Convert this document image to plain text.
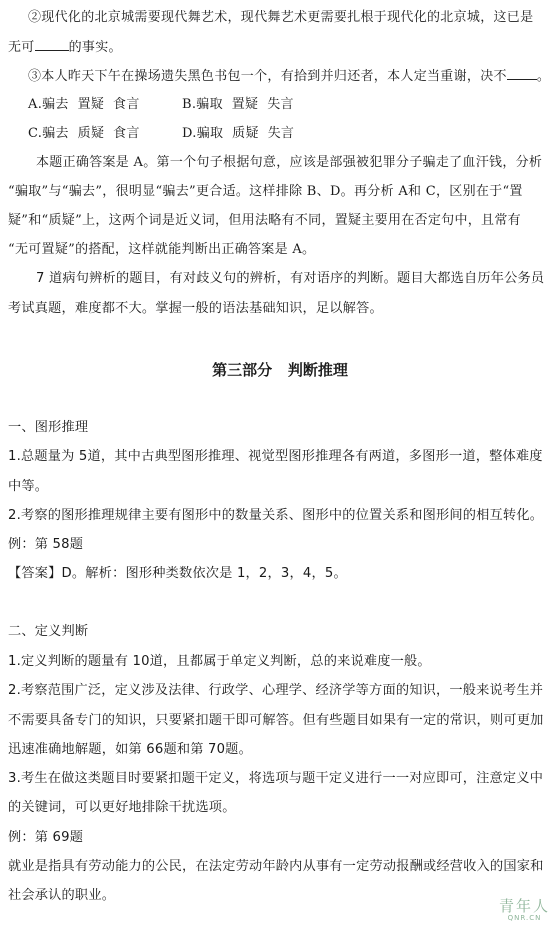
②现代化的北京城需要现代舞艺术，现代舞艺术更需要扎根于现代化的北京城，这已是
无可	的事实。
③本人昨天下午在操场遗失黑色书包一个，有拾到并归还者，本人定当重谢，决不 。
A.骗去  置疑  食言	B.骗取  置疑  失言
C.骗去  质疑  食言	D.骗取  质疑  失言
本题正确答案是 A。第一个句子根据句意，应该是部强被犯罪分子骗走了血汗钱，分析
“骗取”与“骗去”，很明显“骗去”更合适。这样排除 B、D。再分析 A和 C，区别在于“置
疑”和“质疑”上，这两个词是近义词，但用法略有不同，置疑主要用在否定句中，且常有
“无可置疑”的搭配，这样就能判断出正确答案是 A。
7 道病句辨析的题目，有对歧义句的辨析，有对语序的判断。题目大都选自历年公务员
考试真题，难度都不大。掌握一般的语法基础知识，足以解答。
第三部分   判断推理
一、图形推理
1.总题量为 5道，其中古典型图形推理、视觉型图形推理各有两道，多图形一道，整体难度
中等。
2.考察的图形推理规律主要有图形中的数量关系、图形中的位置关系和图形间的相互转化。
例：第 58题
【答案】D。解析：图形种类数依次是 1，2，3，4，5。
二、定义判断
1.定义判断的题量有 10道，且都属于单定义判断，总的来说难度一般。
2.考察范围广泛，定义涉及法律、行政学、心理学、经济学等方面的知识，一般来说考生并
不需要具备专门的知识，只要紧扣题干即可解答。但有些题目如果有一定的常识，则可更加
迅速准确地解题，如第 66题和第 70题。
3.考生在做这类题目时要紧扣题干定义，将选项与题干定义进行一一对应即可，注意定义中
的关键词，可以更好地排除干扰选项。
例：第 69题
就业是指具有劳动能力的公民，在法定劳动年龄内从事有一定劳动报酬或经营收入的国家和
社会承认的职业。
青年人
QNR.CN
